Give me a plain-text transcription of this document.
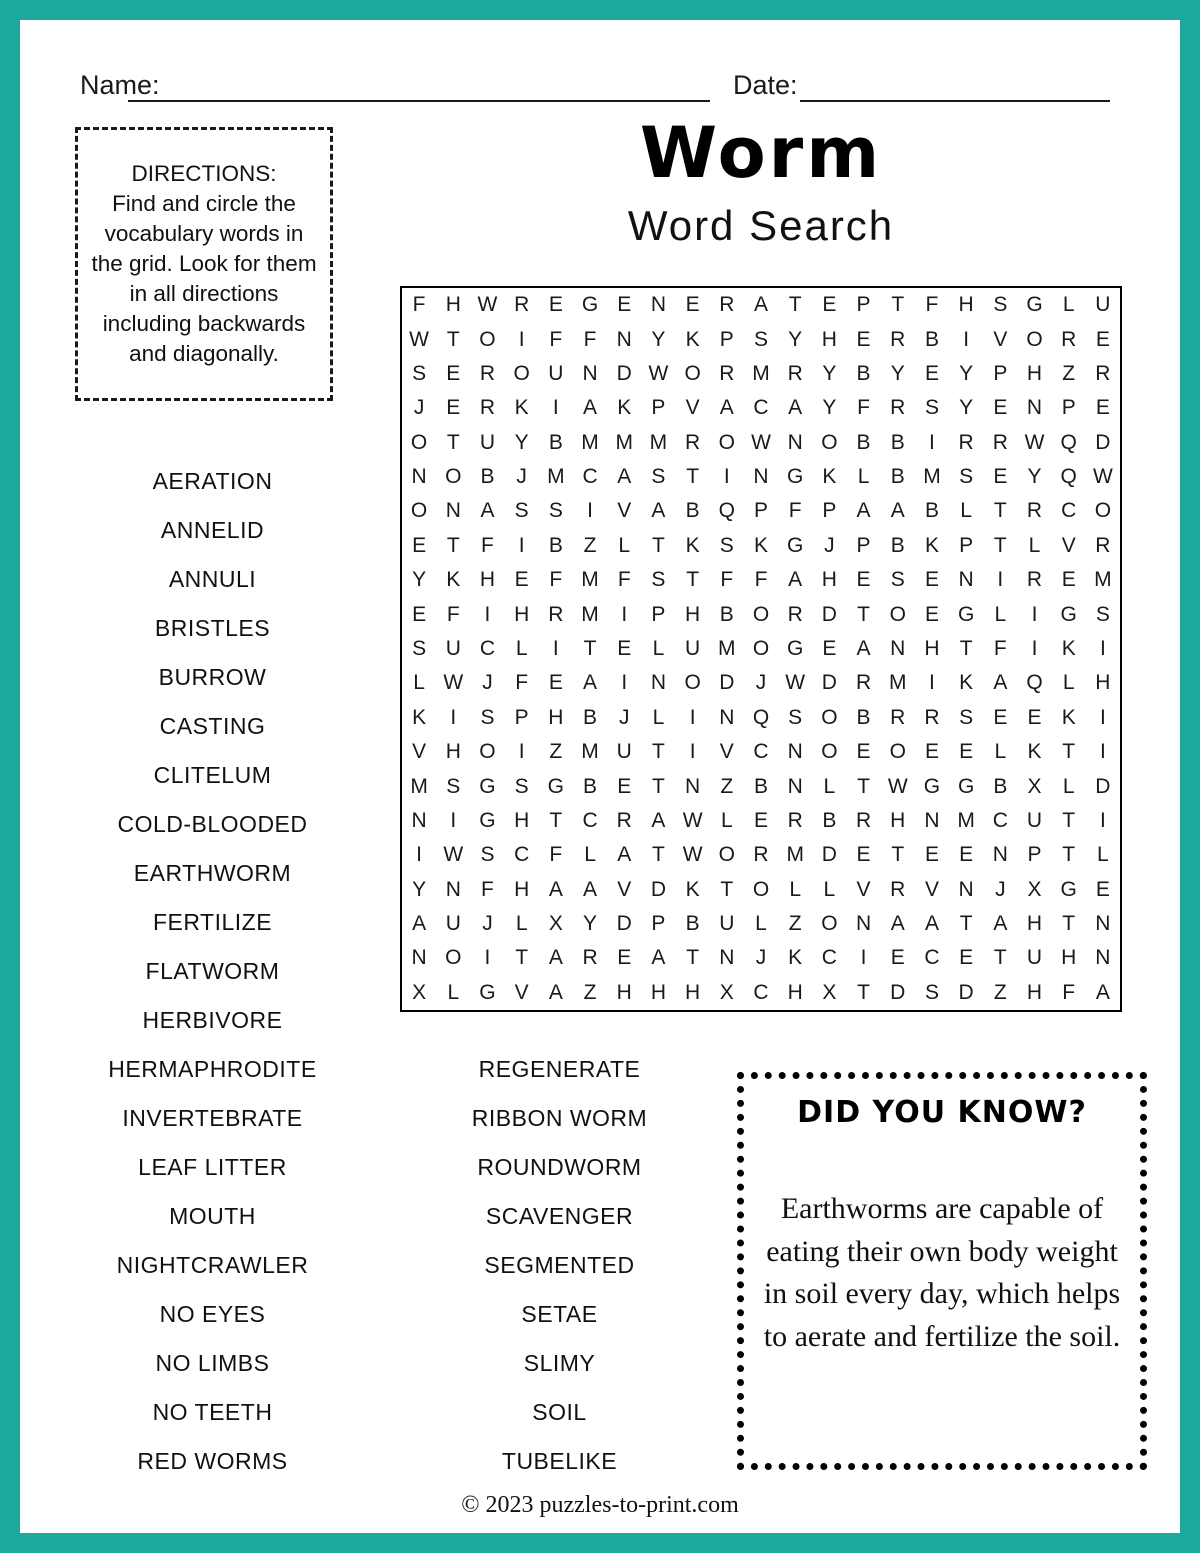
Name:	Date:
DIRECTIONS:
Find and circle the vocabulary words in the grid. Look for them in all directions including backwards and diagonally.
Worm
Word Search
F H W R E G E N E R A T E P T	F H S G L U
W T O	I	F	F N Y K P S Y H E R B	I	V O R E
S E R O U N D W O R M R Y B Y E Y P H Z R
J	E R K	I	A K P V A C A Y F R S Y E N P E
O T U Y B M M M R O W N O B B	I	R R W Q D
N O B	J M C A S T	I	N G K	L	B M S E Y Q W
O N A S S	I	V A B Q P F P A A B	L	T R C O
E T	F	I	B Z	L	T K S K G J	P B K P T	L	V R
Y K H E F M F S T	F	F A H E S E N	I	R E M
E F	I	H R M	I	P H B O R D T O E G L	I	G S
S U C L	I	T E	L U M O G E A N H T	F	I	K	I
L W J	F E A	I	N O D	J W D R M	I	K A Q L H
K	I	S P H B	J	L	I	N Q S O B R R S E E K	I
V H O	I	Z M U T	I	V C N O E O E E	L	K T	I
M S G S G B E T N Z B N L	T W G G B X	L D
N	I	G H T C R A W L	E R B R H N M C U T	I
I	W S C F	L	A T W O R M D E T E E N P T	L
Y N F H A A V D K T O L	L	V R V N	J	X G E
A U	J	L	X Y D P B U L	Z O N A A T A H T N
N O	I	T A R E A T N	J	K C	I	E C E T U H N
X	L G V A Z H H H X C H X T D S D Z H F A
AERATION
ANNELID
ANNULI
BRISTLES
BURROW
CASTING
CLITELUM
COLD-BLOODED
EARTHWORM
FERTILIZE
FLATWORM
HERBIVORE
HERMAPHRODITE
INVERTEBRATE
LEAF LITTER
MOUTH
NIGHTCRAWLER
NO EYES
NO LIMBS
NO TEETH
RED WORMS
REGENERATE
RIBBON WORM
ROUNDWORM
SCAVENGER
SEGMENTED
SETAE
SLIMY
SOIL
TUBELIKE
DID YOU KNOW?
Earthworms are capable of eating their own body weight in soil every day, which helps to aerate and fertilize the soil.
© 2023 puzzles-to-print.com
